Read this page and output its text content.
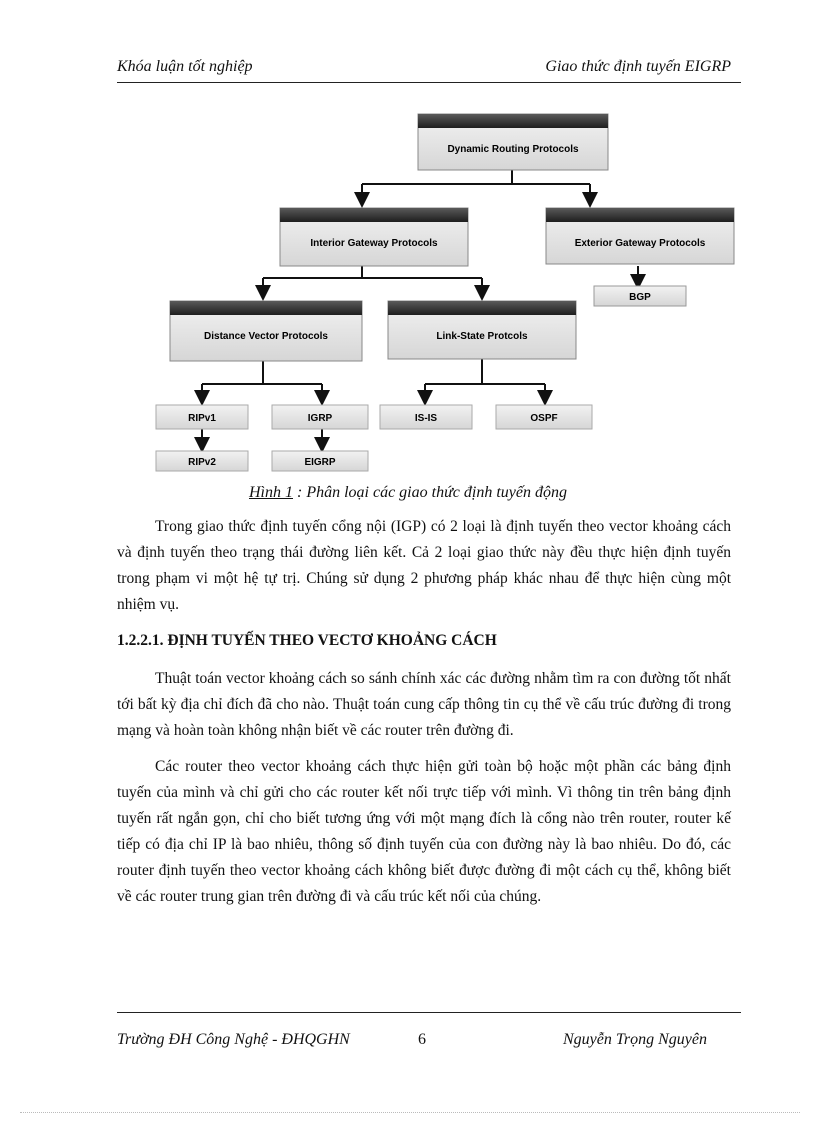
Khóa luận tốt nghiệp	Giao thức định tuyến EIGRP
Dynamic Routing Protocols
Interior Gateway Protocols	Exterior Gateway Protocols
BGP
Distance Vector Protocols	Link-State Protcols
RIPv1	IGRP	IS-IS	OSPF
RIPv2	EIGRP
Hình 1 : Phân loại các giao thức định tuyến động

Trong giao thức định tuyến cổng nội (IGP) có 2 loại là định tuyến theo vector khoảng cách và định tuyến theo trạng thái đường liên kết. Cả 2 loại giao thức này đều thực hiện định tuyến trong phạm vi một hệ tự trị. Chúng sử dụng 2 phương pháp khác nhau để thực hiện cùng một nhiệm vụ.

1.2.2.1. ĐỊNH TUYẾN THEO VECTƠ KHOẢNG CÁCH

Thuật toán vector khoảng cách so sánh chính xác các đường nhằm tìm ra con đường tốt nhất tới bất kỳ địa chỉ đích đã cho nào. Thuật toán cung cấp thông tin cụ thể về cấu trúc đường đi trong mạng và hoàn toàn không nhận biết về các router trên đường đi.

Các router theo vector khoảng cách thực hiện gửi toàn bộ hoặc một phần các bảng định tuyến của mình và chỉ gửi cho các router kết nối trực tiếp với mình. Vì thông tin trên bảng định tuyến rất ngắn gọn, chỉ cho biết tương ứng với một mạng đích là cổng nào trên router, router kế tiếp có địa chỉ IP là bao nhiêu, thông số định tuyến của con đường này là bao nhiêu. Do đó, các router định tuyến theo vector khoảng cách không biết được đường đi một cách cụ thể, không biết về các router trung gian trên đường đi và cấu trúc kết nối của chúng.

Trường ĐH Công Nghệ - ĐHQGHN	6	Nguyễn Trọng Nguyên
